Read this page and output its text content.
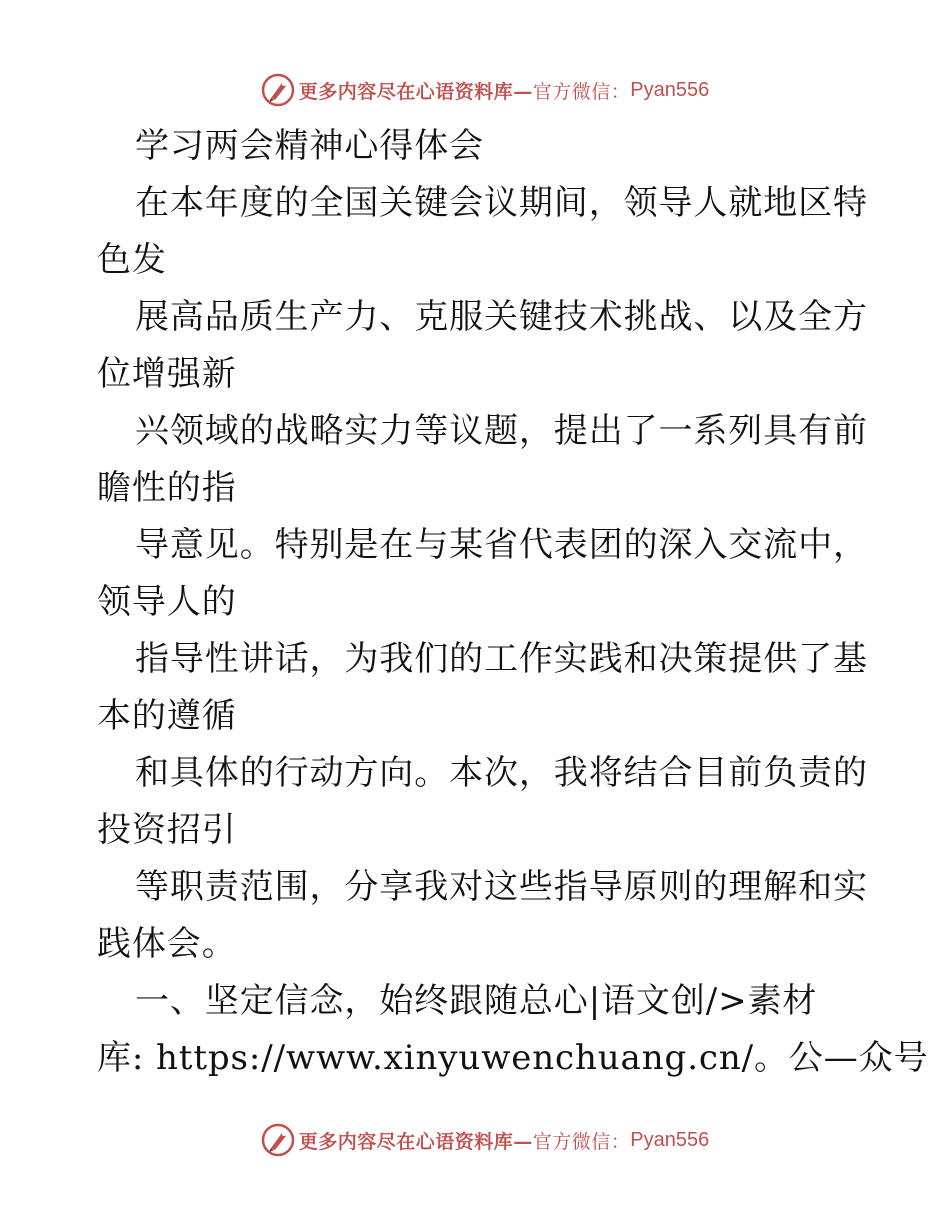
更多内容尽在心语资料库— 官方微信： Pyan556
学习两会精神心得体会
在本年度的全国关键会议期间，领导人就地区特
色发
展高品质生产力、克服关键技术挑战、以及全方
位增强新
兴领域的战略实力等议题，提出了一系列具有前
瞻性的指
导意见。特别是在与某省代表团的深入交流中，
领导人的
指导性讲话，为我们的工作实践和决策提供了基
本的遵循
和具体的行动方向。本次，我将结合目前负责的
投资招引
等职责范围，分享我对这些指导原则的理解和实
践体会。
一、坚定信念，始终跟随总心|语文创/>素材
库: https://www.xinyuwenchuang.cn/。公—众号
更多内容尽在心语资料库— 官方微信： Pyan556
